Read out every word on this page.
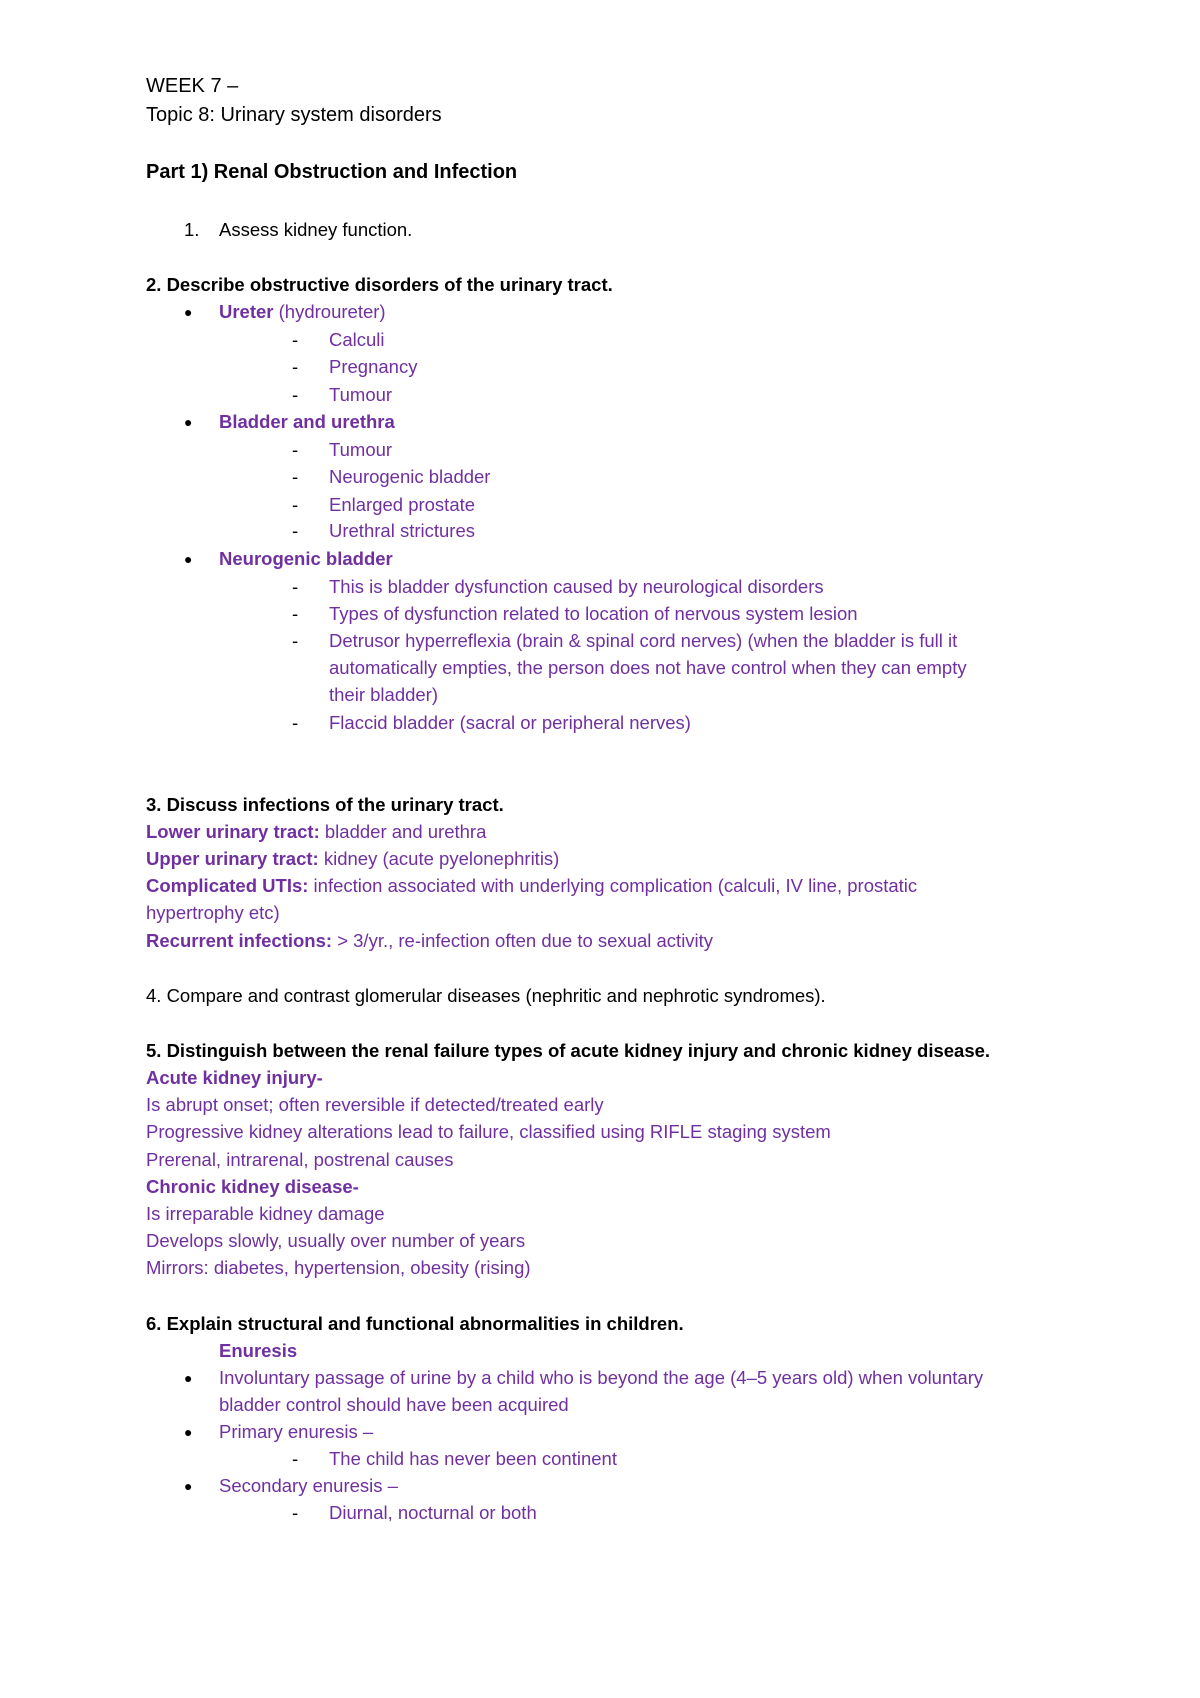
WEEK 7 –
Topic 8: Urinary system disorders
Part 1) Renal Obstruction and Infection
1. Assess kidney function.
2. Describe obstructive disorders of the urinary tract.
● Ureter (hydroureter)
- Calculi
- Pregnancy
- Tumour
● Bladder and urethra
- Tumour
- Neurogenic bladder
- Enlarged prostate
- Urethral strictures
● Neurogenic bladder
- This is bladder dysfunction caused by neurological disorders
- Types of dysfunction related to location of nervous system lesion
- Detrusor hyperreflexia (brain & spinal cord nerves) (when the bladder is full it
automatically empties, the person does not have control when they can empty
their bladder)
- Flaccid bladder (sacral or peripheral nerves)
3. Discuss infections of the urinary tract.
Lower urinary tract: bladder and urethra
Upper urinary tract: kidney (acute pyelonephritis)
Complicated UTIs: infection associated with underlying complication (calculi, IV line, prostatic
hypertrophy etc)
Recurrent infections: > 3/yr., re-infection often due to sexual activity
4. Compare and contrast glomerular diseases (nephritic and nephrotic syndromes).
5. Distinguish between the renal failure types of acute kidney injury and chronic kidney disease.
Acute kidney injury-
Is abrupt onset; often reversible if detected/treated early
Progressive kidney alterations lead to failure, classified using RIFLE staging system
Prerenal, intrarenal, postrenal causes
Chronic kidney disease-
Is irreparable kidney damage
Develops slowly, usually over number of years
Mirrors: diabetes, hypertension, obesity (rising)
6. Explain structural and functional abnormalities in children.
Enuresis
● Involuntary passage of urine by a child who is beyond the age (4–5 years old) when voluntary
bladder control should have been acquired
● Primary enuresis –
- The child has never been continent
● Secondary enuresis –
- Diurnal, nocturnal or both
